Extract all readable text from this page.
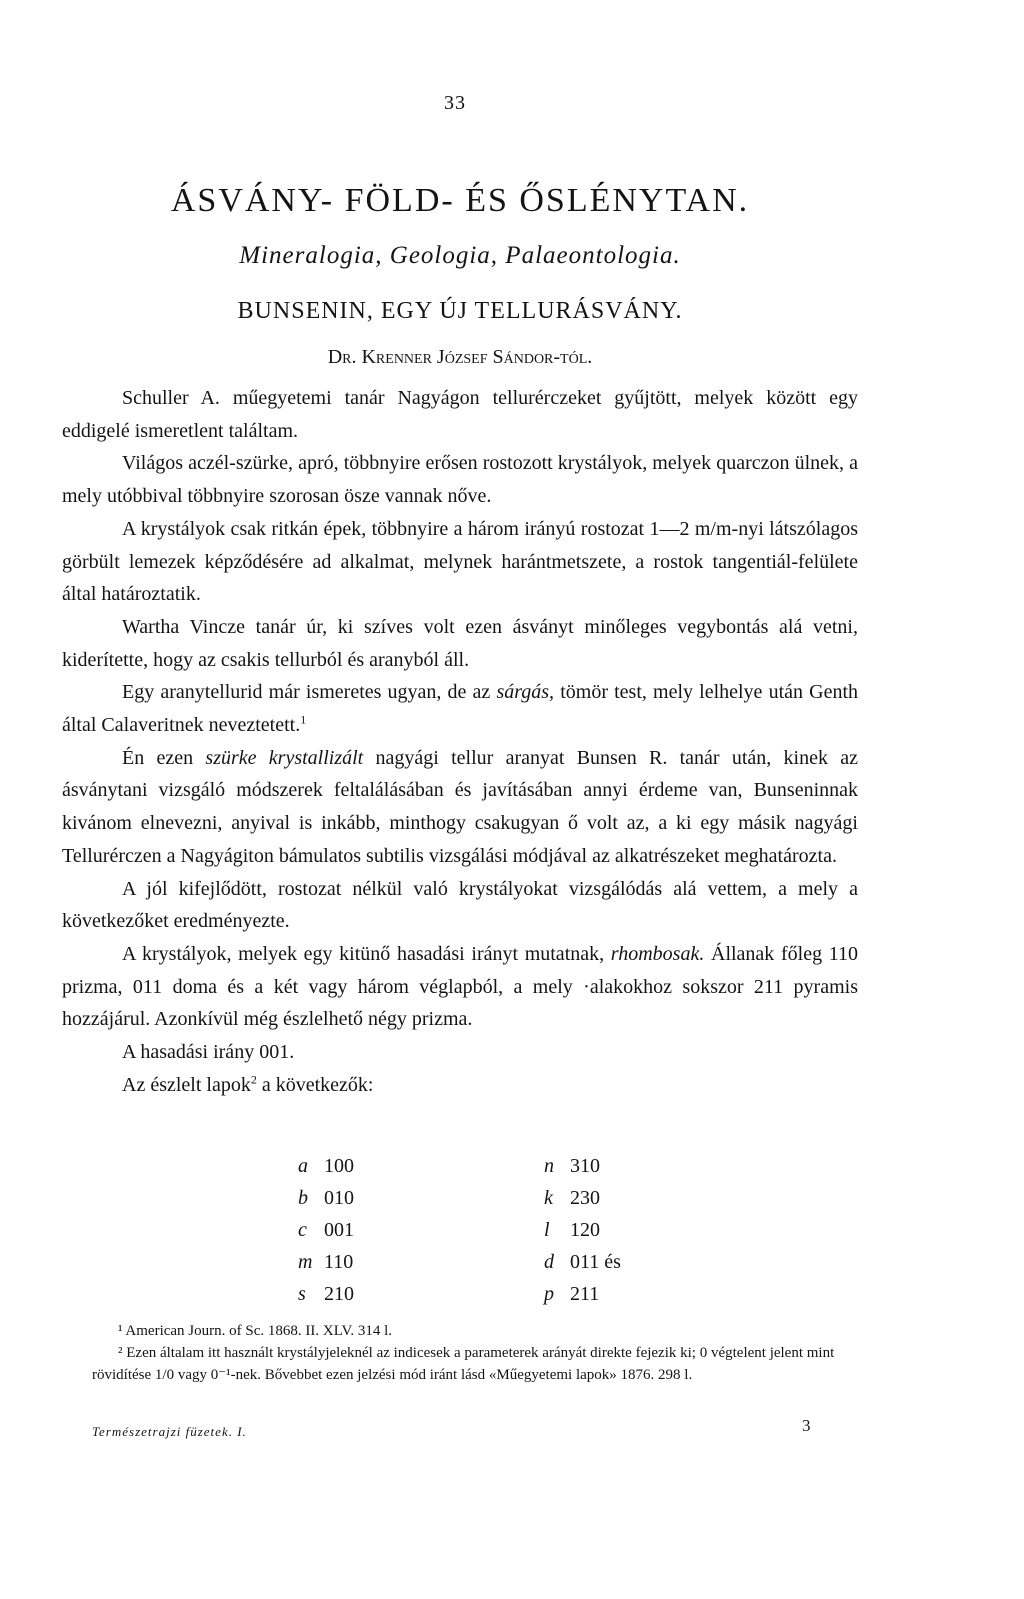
33
ÁSVÁNY- FÖLD- ÉS ŐSLÉNYTAN.
Mineralogia, Geologia, Palaeontologia.
BUNSENIN, EGY ÚJ TELLURÁSVÁNY.
Dr. Krenner József Sándor-tól.

Schuller A. műegyetemi tanár Nagyágon tellurérczeket gyűjtött, melyek között egy eddigelé ismeretlent találtam.

Világos aczél-szürke, apró, többnyire erősen rostozott krystályok, melyek quarczon ülnek, a mely utóbbival többnyire szorosan ösze vannak nőve.

A krystályok csak ritkán épek, többnyire a három irányú rostozat 1—2 m/m-nyi látszólagos görbült lemezek képződésére ad alkalmat, melynek harántmetszete, a rostok tangentiál-felülete által határoztatik.

Wartha Vincze tanár úr, ki szíves volt ezen ásványt minőleges vegybontás alá vetni, kiderítette, hogy az csakis tellurból és aranyból áll.

Egy aranytellurid már ismeretes ugyan, de az sárgás, tömör test, mely lelhelye után Genth által Calaveritnek neveztetett.$^1$

Én ezen szürke krystallizált nagyági tellur aranyat Bunsen R. tanár után, kinek az ásványtani vizsgáló módszerek feltalálásában és javításában annyi érdeme van, Bunseninnak kivánom elnevezni, anyival is inkább, minthogy csakugyan ő volt az, a ki egy másik nagyági Tellurérczen a Nagyágiton bámulatos subtilis vizsgálási módjával az alkatrészeket meghatározta.

A jól kifejlődött, rostozat nélkül való krystályokat vizsgálódás alá vettem, a mely a következőket eredményezte.

A krystályok, melyek egy kitünő hasadási irányt mutatnak, rhombosak. Állanak főleg 110 prizma, 011 doma és a két vagy három véglapból, a mely ·alakokhoz sokszor 211 pyramis hozzájárul. Azonkívül még észlelhető négy prizma.

A hasadási irány 001.

Az észlelt lapok$^2$ a következők:

a 100	n 310
b 010	k 230
c 001	l 120
m 110	d 011 és
s 210	p 211

¹ American Journ. of Sc. 1868. II. XLV. 314 l.

² Ezen általam itt használt krystályjeleknél az indicesek a parameterek arányát direkte fejezik ki; 0 végtelent jelent mint rövidítése 1/0 vagy 0⁻¹-nek. Bővebbet ezen jelzési mód iránt lásd «Műegyetemi lapok» 1876. 298 l.

Természetrajzi füzetek. I.	3
